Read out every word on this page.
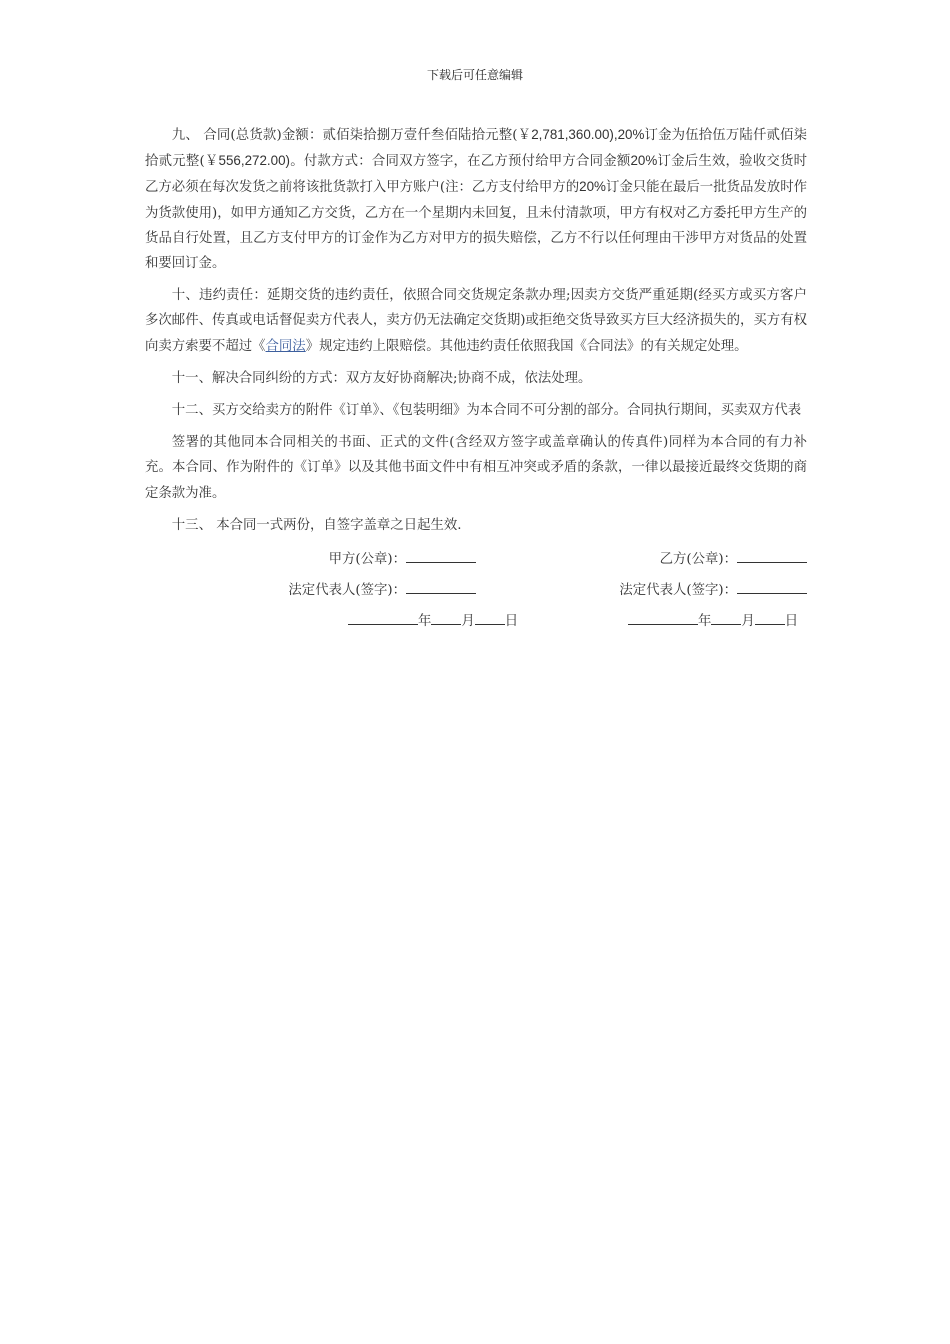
下载后可任意编辑

九、 合同(总货款)金额：贰佰柒拾捌万壹仟叁佰陆拾元整(￥2,781,360.00),20%订金为伍拾伍万陆仟贰佰柒拾贰元整(￥556,272.00)。付款方式：合同双方签字，在乙方预付给甲方合同金额20%订金后生效，验收交货时乙方必须在每次发货之前将该批货款打入甲方账户(注：乙方支付给甲方的20%订金只能在最后一批货品发放时作为货款使用)，如甲方通知乙方交货，乙方在一个星期内未回复，且未付清款项，甲方有权对乙方委托甲方生产的货品自行处置，且乙方支付甲方的订金作为乙方对甲方的损失赔偿，乙方不行以任何理由干涉甲方对货品的处置和要回订金。

十、违约责任：延期交货的违约责任，依照合同交货规定条款办理;因卖方交货严重延期(经买方或买方客户多次邮件、传真或电话督促卖方代表人，卖方仍无法确定交货期)或拒绝交货导致买方巨大经济损失的，买方有权向卖方索要不超过《合同法》规定违约上限赔偿。其他违约责任依照我国《合同法》的有关规定处理。

十一、解决合同纠纷的方式：双方友好协商解决;协商不成，依法处理。

十二、买方交给卖方的附件《订单》、《包装明细》为本合同不可分割的部分。合同执行期间，买卖双方代表

签署的其他同本合同相关的书面、正式的文件(含经双方签字或盖章确认的传真件)同样为本合同的有力补充。本合同、作为附件的《订单》以及其他书面文件中有相互冲突或矛盾的条款，一律以最接近最终交货期的商定条款为准。

十三、 本合同一式两份，自签字盖章之日起生效.

甲方(公章)：	乙方(公章)：
法定代表人(签字)：	法定代表人(签字)：
年 月 日	年 月 日
